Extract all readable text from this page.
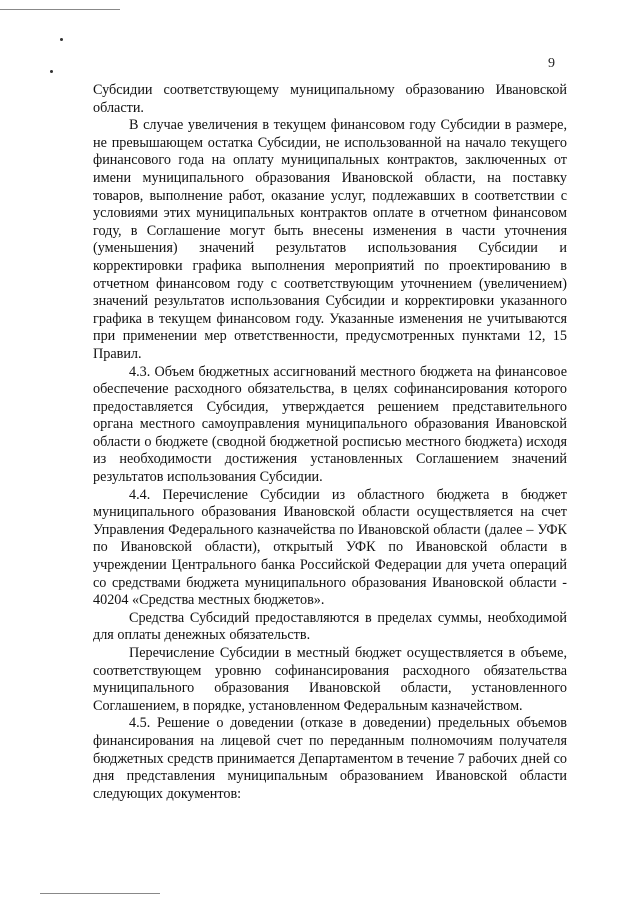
9

Субсидии соответствующему муниципальному образованию Ивановской области.

В случае увеличения в текущем финансовом году Субсидии в размере, не превышающем остатка Субсидии, не использованной на начало текущего финансового года на оплату муниципальных контрактов, заключенных от имени муниципального образования Ивановской области, на поставку товаров, выполнение работ, оказание услуг, подлежавших в соответствии с условиями этих муниципальных контрактов оплате в отчетном финансовом году, в Соглашение могут быть внесены изменения в части уточнения (уменьшения) значений результатов использования Субсидии и корректировки графика выполнения мероприятий по проектированию в отчетном финансовом году с соответствующим уточнением (увеличением) значений результатов использования Субсидии и корректировки указанного графика в текущем финансовом году. Указанные изменения не учитываются при применении мер ответственности, предусмотренных пунктами 12, 15 Правил.

4.3. Объем бюджетных ассигнований местного бюджета на финансовое обеспечение расходного обязательства, в целях софинансирования которого предоставляется Субсидия, утверждается решением представительного органа местного самоуправления муниципального образования Ивановской области о бюджете (сводной бюджетной росписью местного бюджета) исходя из необходимости достижения установленных Соглашением значений результатов использования Субсидии.

4.4. Перечисление Субсидии из областного бюджета в бюджет муниципального образования Ивановской области осуществляется на счет Управления Федерального казначейства по Ивановской области (далее – УФК по Ивановской области), открытый УФК по Ивановской области в учреждении Центрального банка Российской Федерации для учета операций со средствами бюджета муниципального образования Ивановской области - 40204 «Средства местных бюджетов».

Средства Субсидий предоставляются в пределах суммы, необходимой для оплаты денежных обязательств.

Перечисление Субсидии в местный бюджет осуществляется в объеме, соответствующем уровню софинансирования расходного обязательства муниципального образования Ивановской области, установленного Соглашением, в порядке, установленном Федеральным казначейством.

4.5. Решение о доведении (отказе в доведении) предельных объемов финансирования на лицевой счет по переданным полномочиям получателя бюджетных средств принимается Департаментом в течение 7 рабочих дней со дня представления муниципальным образованием Ивановской области следующих документов:
